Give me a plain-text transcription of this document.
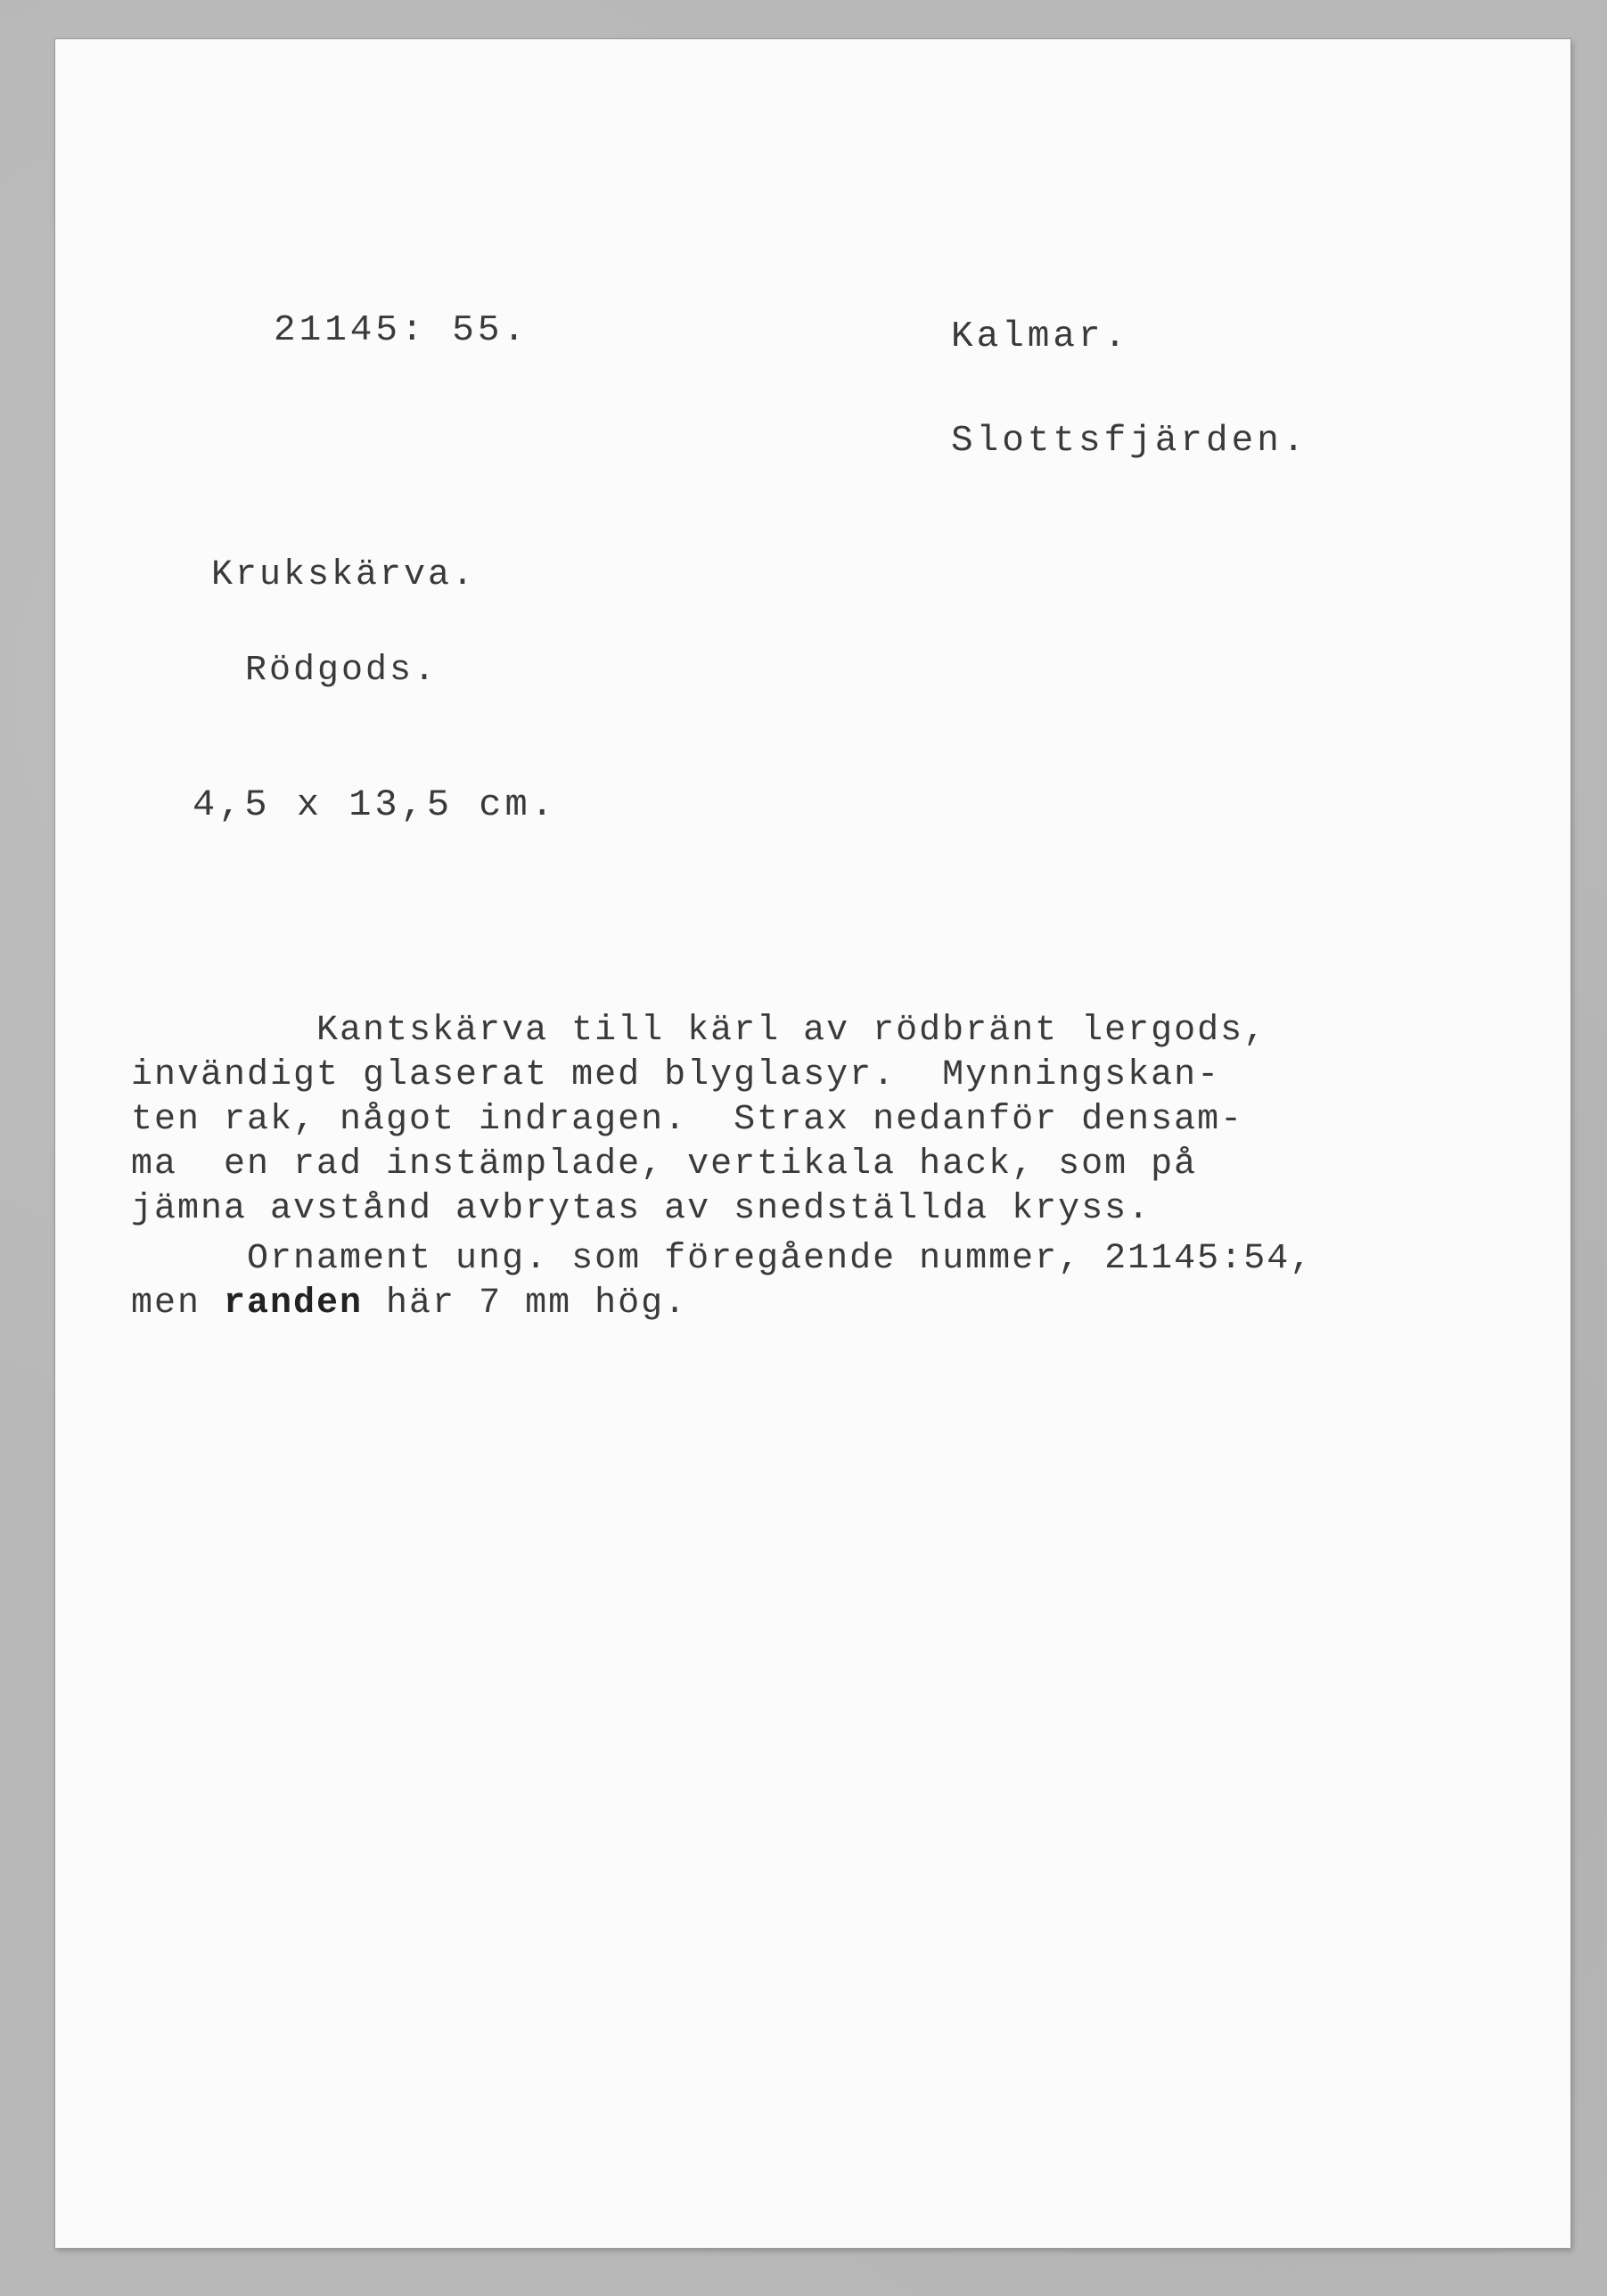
21145: 55.	Kalmar.
Slottsfjärden.
Krukskärva.
Rödgods.
4,5 x 13,5 cm.
Kantskärva till kärl av rödbränt lergods,
invändigt glaserat med blyglasyr.  Mynningskan-
ten rak, något indragen.  Strax nedanför densam-
ma  en rad instämplade, vertikala hack, som på
jämna avstånd avbrytas av snedställda kryss.
Ornament ung. som föregående nummer, 21145:54,
men randen här 7 mm hög.
